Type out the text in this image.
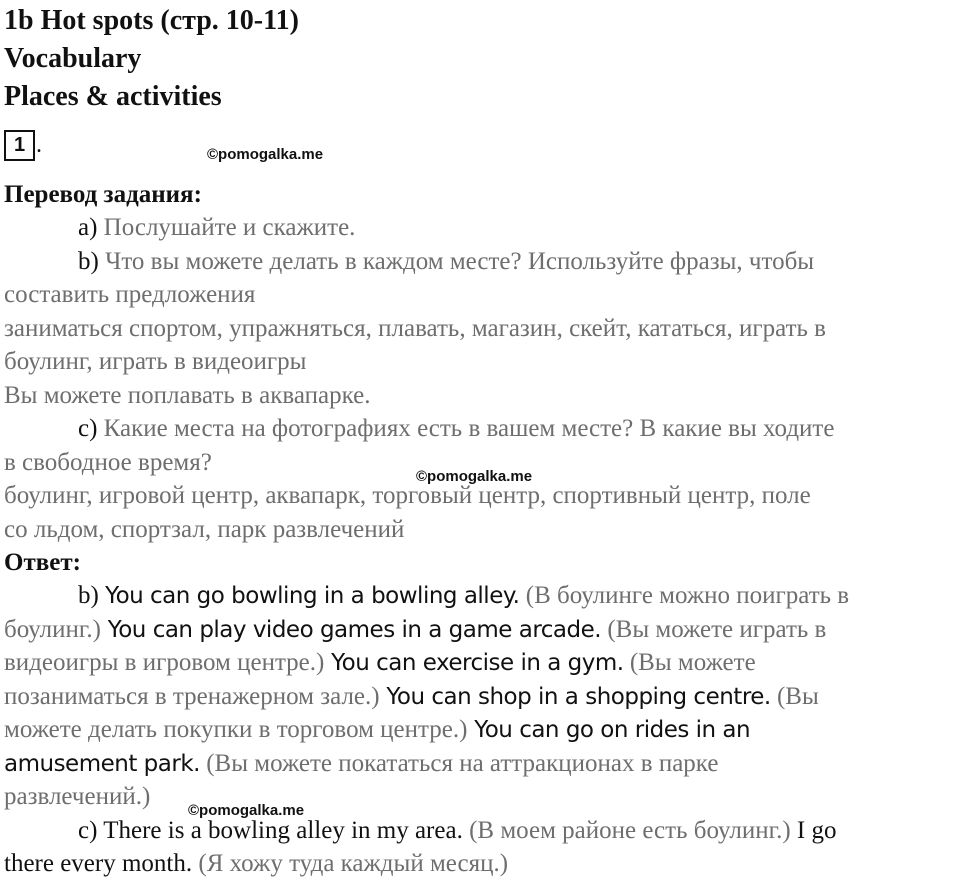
1b Hot spots (стр. 10-11)
Vocabulary
Places & activities
1 .	©pomogalka.me
Перевод задания:
a) Послушайте и скажите.
b) Что вы можете делать в каждом месте? Используйте фразы, чтобы
составить предложения
заниматься спортом, упражняться, плавать, магазин, скейт, кататься, играть в
боулинг, играть в видеоигры
Вы можете поплавать в аквапарке.
c) Какие места на фотографиях есть в вашем месте? В какие вы ходите
в свободное время?
©pomogalka.me
боулинг, игровой центр, аквапарк, торговый центр, спортивный центр, поле
со льдом, спортзал, парк развлечений
Ответ:
b) You can go bowling in a bowling alley. (В боулинге можно поиграть в
боулинг.) You can play video games in a game arcade. (Вы можете играть в
видеоигры в игровом центре.) You can exercise in a gym. (Вы можете
позаниматься в тренажерном зале.) You can shop in a shopping centre. (Вы
можете делать покупки в торговом центре.) You can go on rides in an
amusement park. (Вы можете покататься на аттракционах в парке
развлечений.)
©pomogalka.me
c) There is a bowling alley in my area. (В моем районе есть боулинг.) I go
there every month. (Я хожу туда каждый месяц.)
